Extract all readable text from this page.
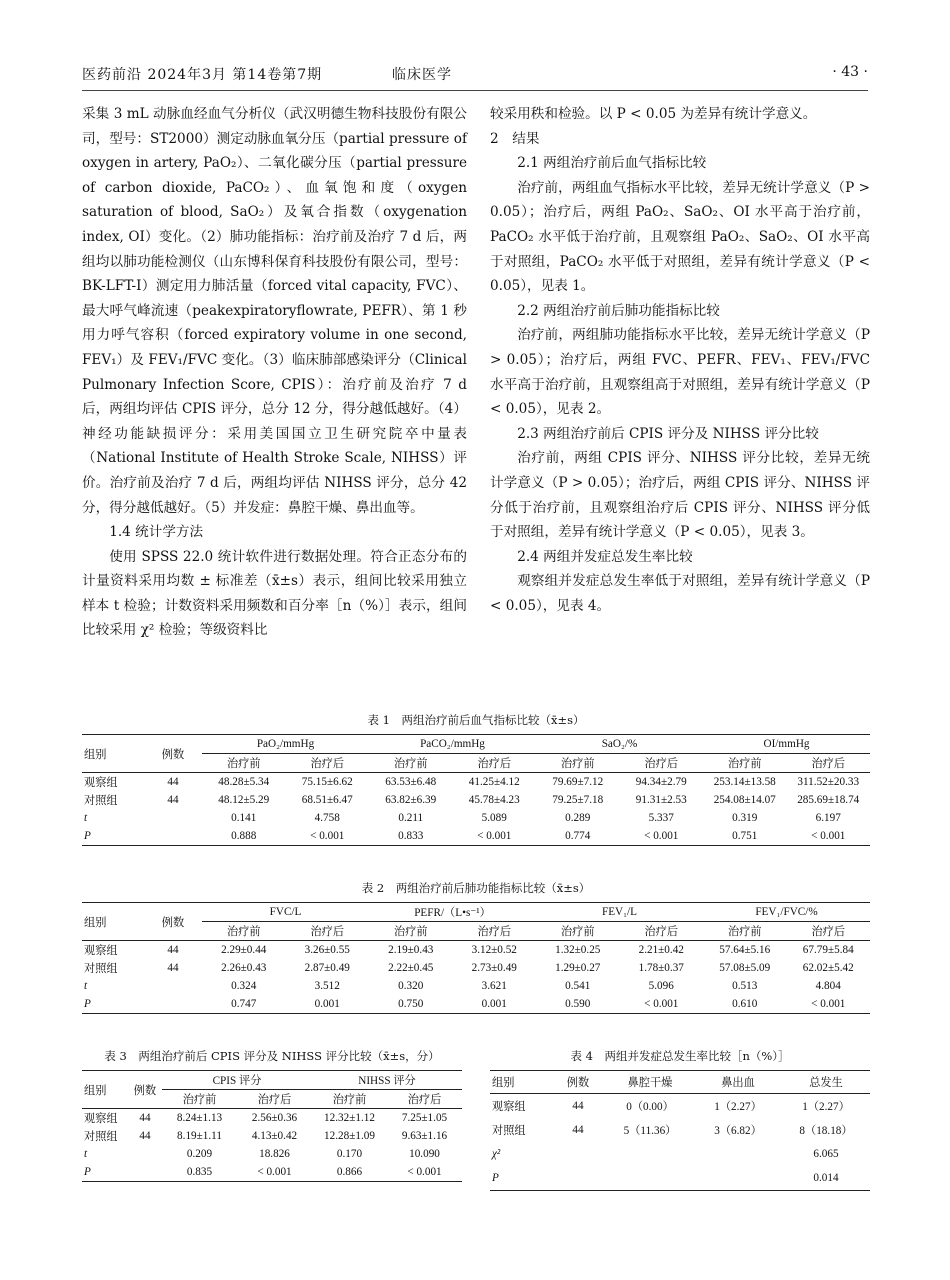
医药前沿 2024年3月 第14卷第7期	临床医学	· 43 ·

采集 3 mL 动脉血经血气分析仪（武汉明德生物科技股份有限公司，型号：ST2000）测定动脉血氧分压（partial pressure of oxygen in artery, PaO₂）、二氧化碳分压（partial pressure of carbon dioxide, PaCO₂）、血氧饱和度（oxygen saturation of blood, SaO₂）及氧合指数（oxygenation index, OI）变化。（2）肺功能指标：治疗前及治疗 7 d 后，两组均以肺功能检测仪（山东博科保育科技股份有限公司，型号：BK-LFT-I）测定用力肺活量（forced vital capacity, FVC）、最大呼气峰流速（peakexpiratoryflowrate, PEFR）、第 1 秒用力呼气容积（forced expiratory volume in one second, FEV₁）及 FEV₁/FVC 变化。（3）临床肺部感染评分（Clinical Pulmonary Infection Score, CPIS）：治疗前及治疗 7 d 后，两组均评估 CPIS 评分，总分 12 分，得分越低越好。（4）神经功能缺损评分：采用美国国立卫生研究院卒中量表（National Institute of Health Stroke Scale, NIHSS）评价。治疗前及治疗 7 d 后，两组均评估 NIHSS 评分，总分 42 分，得分越低越好。（5）并发症：鼻腔干燥、鼻出血等。

1.4 统计学方法

使用 SPSS 22.0 统计软件进行数据处理。符合正态分布的计量资料采用均数 ± 标准差（x̄±s）表示，组间比较采用独立样本 t 检验；计数资料采用频数和百分率［n（%）］表示，组间比较采用 χ² 检验；等级资料比

较采用秩和检验。以 P < 0.05 为差异有统计学意义。

2　结果

2.1 两组治疗前后血气指标比较

治疗前，两组血气指标水平比较，差异无统计学意义（P > 0.05）；治疗后，两组 PaO₂、SaO₂、OI 水平高于治疗前，PaCO₂ 水平低于治疗前，且观察组 PaO₂、SaO₂、OI 水平高于对照组，PaCO₂ 水平低于对照组，差异有统计学意义（P < 0.05），见表 1。

2.2 两组治疗前后肺功能指标比较

治疗前，两组肺功能指标水平比较，差异无统计学意义（P > 0.05）；治疗后，两组 FVC、PEFR、FEV₁、FEV₁/FVC 水平高于治疗前，且观察组高于对照组，差异有统计学意义（P < 0.05），见表 2。

2.3 两组治疗前后 CPIS 评分及 NIHSS 评分比较

治疗前，两组 CPIS 评分、NIHSS 评分比较，差异无统计学意义（P > 0.05）；治疗后，两组 CPIS 评分、NIHSS 评分低于治疗前，且观察组治疗后 CPIS 评分、NIHSS 评分低于对照组，差异有统计学意义（P < 0.05），见表 3。

2.4 两组并发症总发生率比较

观察组并发症总发生率低于对照组，差异有统计学意义（P < 0.05），见表 4。

表 1　两组治疗前后血气指标比较（x̄±s）
组别	例数	PaO₂/mmHg		PaCO₂/mmHg		SaO₂/%		OI/mmHg	
		治疗前	治疗后	治疗前	治疗后	治疗前	治疗后	治疗前	治疗后
观察组	44	48.28±5.34	75.15±6.62	63.53±6.48	41.25±4.12	79.69±7.12	94.34±2.79	253.14±13.58	311.52±20.33
对照组	44	48.12±5.29	68.51±6.47	63.82±6.39	45.78±4.23	79.25±7.18	91.31±2.53	254.08±14.07	285.69±18.74
t		0.141	4.758	0.211	5.089	0.289	5.337	0.319	6.197
P		0.888	< 0.001	0.833	< 0.001	0.774	< 0.001	0.751	< 0.001
表 2　两组治疗前后肺功能指标比较（x̄±s）
组别	例数	FVC/L		PEFR/（L•s⁻¹）		FEV₁/L		FEV₁/FVC/%	
		治疗前	治疗后	治疗前	治疗后	治疗前	治疗后	治疗前	治疗后
观察组	44	2.29±0.44	3.26±0.55	2.19±0.43	3.12±0.52	1.32±0.25	2.21±0.42	57.64±5.16	67.79±5.84
对照组	44	2.26±0.43	2.87±0.49	2.22±0.45	2.73±0.49	1.29±0.27	1.78±0.37	57.08±5.09	62.02±5.42
t		0.324	3.512	0.320	3.621	0.541	5.096	0.513	4.804
P		0.747	0.001	0.750	0.001	0.590	< 0.001	0.610	< 0.001
表 3　两组治疗前后 CPIS 评分及 NIHSS 评分比较（x̄±s，分）
组别	例数	CPIS 评分		NIHSS 评分	
		治疗前	治疗后	治疗前	治疗后
观察组	44	8.24±1.13	2.56±0.36	12.32±1.12	7.25±1.05
对照组	44	8.19±1.11	4.13±0.42	12.28±1.09	9.63±1.16
t		0.209	18.826	0.170	10.090
P		0.835	< 0.001	0.866	< 0.001
表 4　两组并发症总发生率比较［n（%）］
组别	例数	鼻腔干燥	鼻出血	总发生
观察组	44	0（0.00）	1（2.27）	1（2.27）
对照组	44	5（11.36）	3（6.82）	8（18.18）
χ²				6.065
P				0.014
